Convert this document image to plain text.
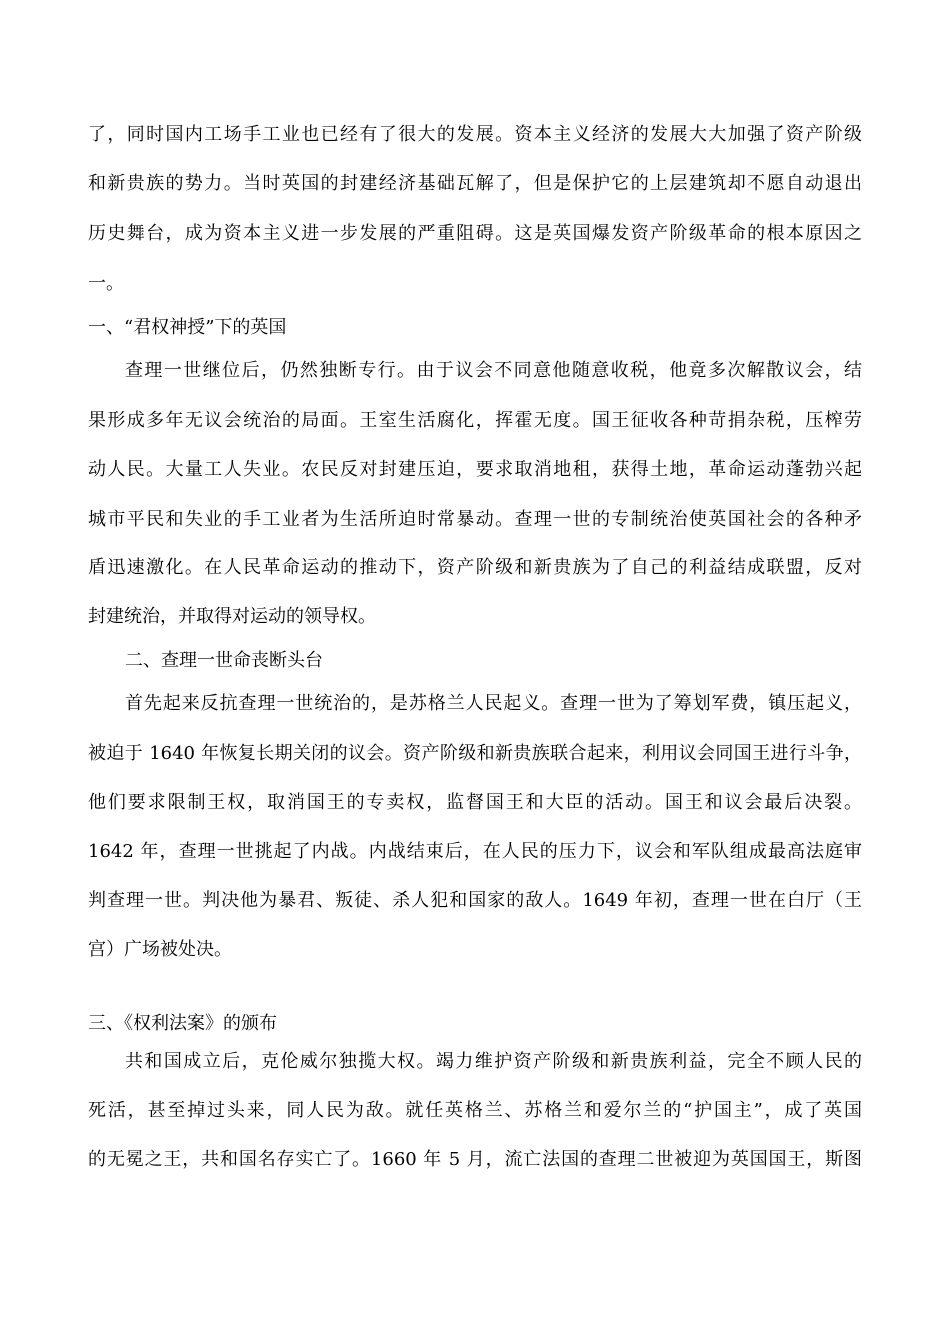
了，同时国内工场手工业也已经有了很大的发展。资本主义经济的发展大大加强了资产阶级

和新贵族的势力。当时英国的封建经济基础瓦解了，但是保护它的上层建筑却不愿自动退出

历史舞台，成为资本主义进一步发展的严重阻碍。这是英国爆发资产阶级革命的根本原因之

一。

一、“君权神授”下的英国

查理一世继位后，仍然独断专行。由于议会不同意他随意收税，他竟多次解散议会，结

果形成多年无议会统治的局面。王室生活腐化，挥霍无度。国王征收各种苛捐杂税，压榨劳

动人民。大量工人失业。农民反对封建压迫，要求取消地租，获得土地，革命运动蓬勃兴起

城市平民和失业的手工业者为生活所迫时常暴动。查理一世的专制统治使英国社会的各种矛

盾迅速激化。在人民革命运动的推动下，资产阶级和新贵族为了自己的利益结成联盟，反对

封建统治，并取得对运动的领导权。

二、查理一世命丧断头台

首先起来反抗查理一世统治的，是苏格兰人民起义。查理一世为了筹划军费，镇压起义，

被迫于 1640 年恢复长期关闭的议会。资产阶级和新贵族联合起来，利用议会同国王进行斗争，

他们要求限制王权，取消国王的专卖权，监督国王和大臣的活动。国王和议会最后决裂。

1642 年，查理一世挑起了内战。内战结束后，在人民的压力下，议会和军队组成最高法庭审

判查理一世。判决他为暴君、叛徒、杀人犯和国家的敌人。1649 年初，查理一世在白厅（王

宫）广场被处决。

三、《权利法案》的颁布

共和国成立后，克伦威尔独揽大权。竭力维护资产阶级和新贵族利益，完全不顾人民的

死活，甚至掉过头来，同人民为敌。就任英格兰、苏格兰和爱尔兰的“护国主”，成了英国

的无冕之王，共和国名存实亡了。1660 年 5 月，流亡法国的查理二世被迎为英国国王，斯图
